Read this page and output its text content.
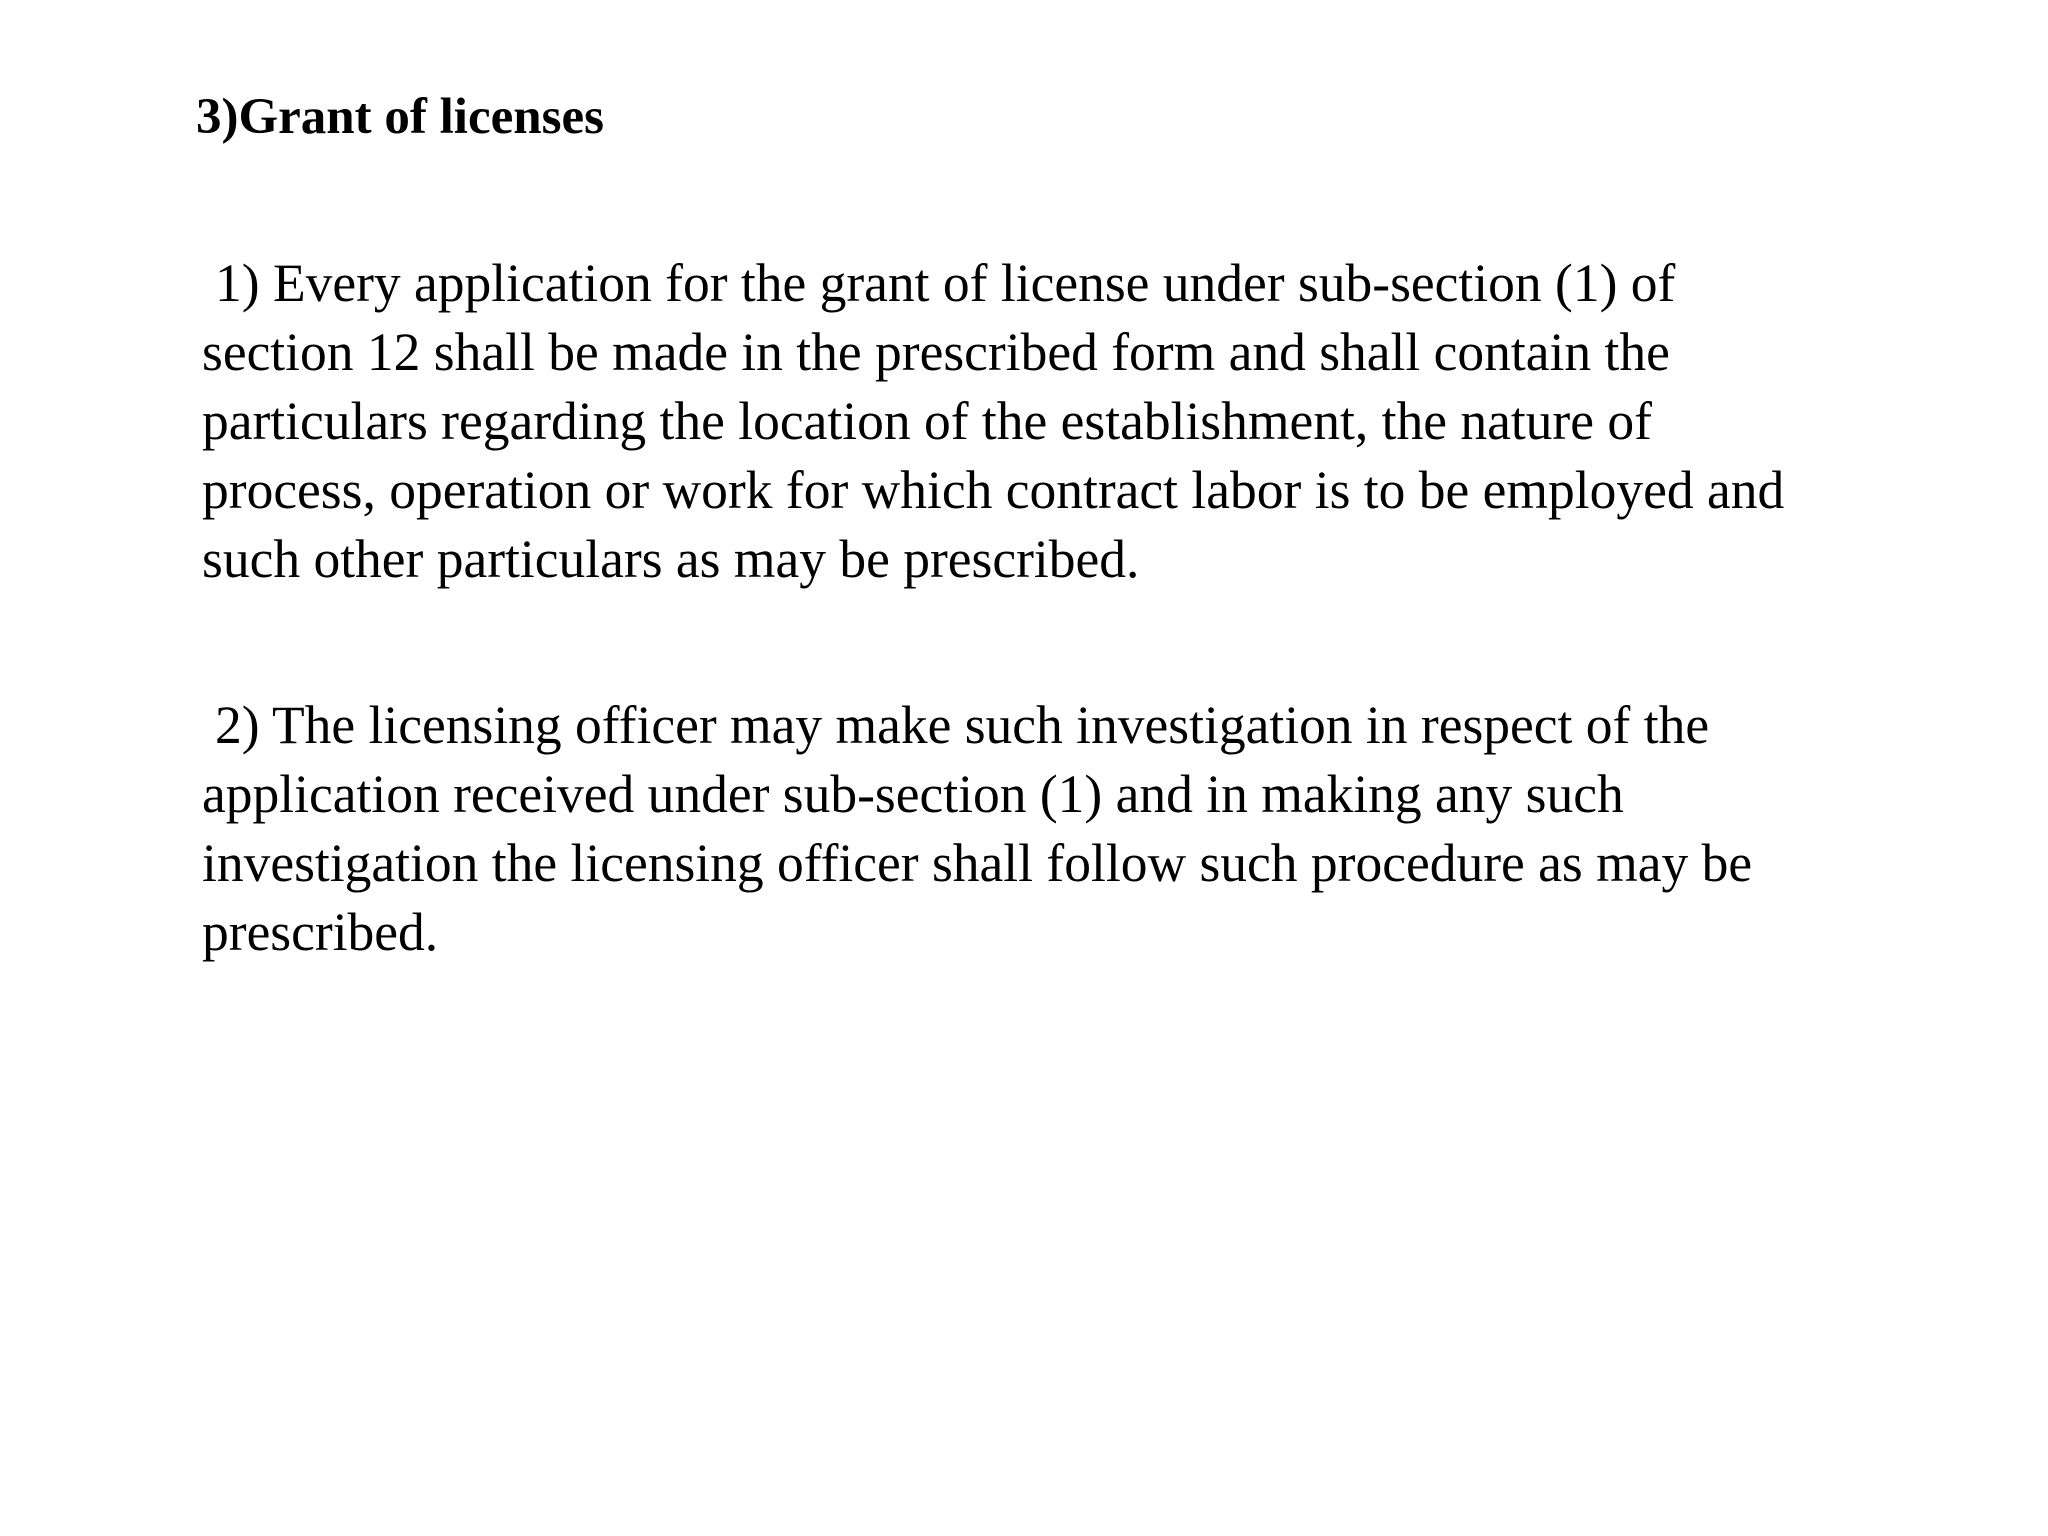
3)Grant of licenses

1) Every application for the grant of license under sub-section (1) of
section 12 shall be made in the prescribed form and shall contain the
particulars regarding the location of the establishment, the nature of
process, operation or work for which contract labor is to be employed and
such other particulars as may be prescribed.

2) The licensing officer may make such investigation in respect of the
application received under sub-section (1) and in making any such
investigation the licensing officer shall follow such procedure as may be
prescribed.
